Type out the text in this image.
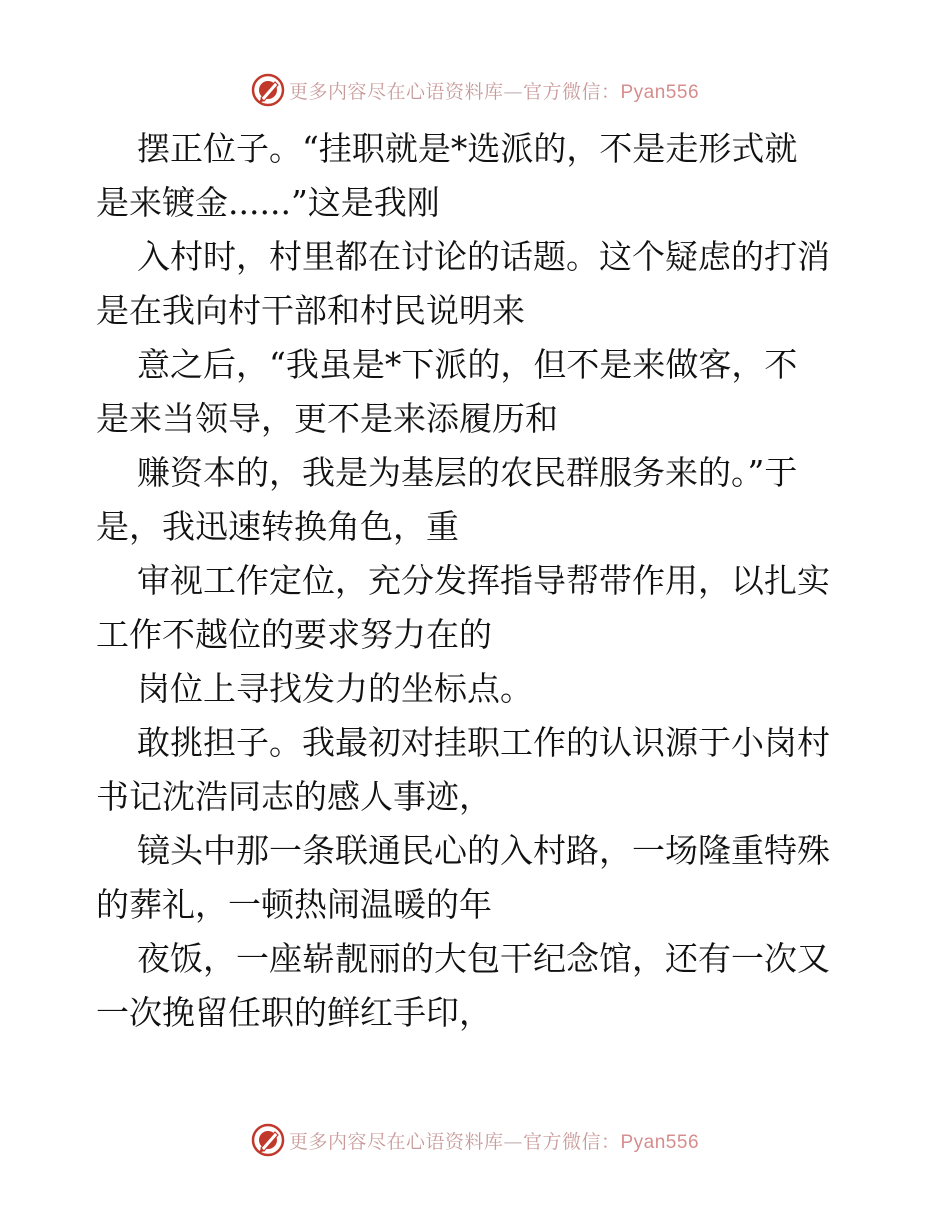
更多内容尽在心语资料库—官方微信：Pyan556
摆正位子。“挂职就是*选派的，不是走形式就
是来镀金......”这是我刚
入村时，村里都在讨论的话题。这个疑虑的打消
是在我向村干部和村民说明来
意之后，“我虽是*下派的，但不是来做客，不
是来当领导，更不是来添履历和
赚资本的，我是为基层的农民群服务来的。”于
是，我迅速转换角色，重
审视工作定位，充分发挥指导帮带作用，以扎实
工作不越位的要求努力在的
岗位上寻找发力的坐标点。
敢挑担子。我最初对挂职工作的认识源于小岗村
书记沈浩同志的感人事迹，
镜头中那一条联通民心的入村路，一场隆重特殊
的葬礼，一顿热闹温暖的年
夜饭，一座崭靓丽的大包干纪念馆，还有一次又
一次挽留任职的鲜红手印，
更多内容尽在心语资料库—官方微信：Pyan556
